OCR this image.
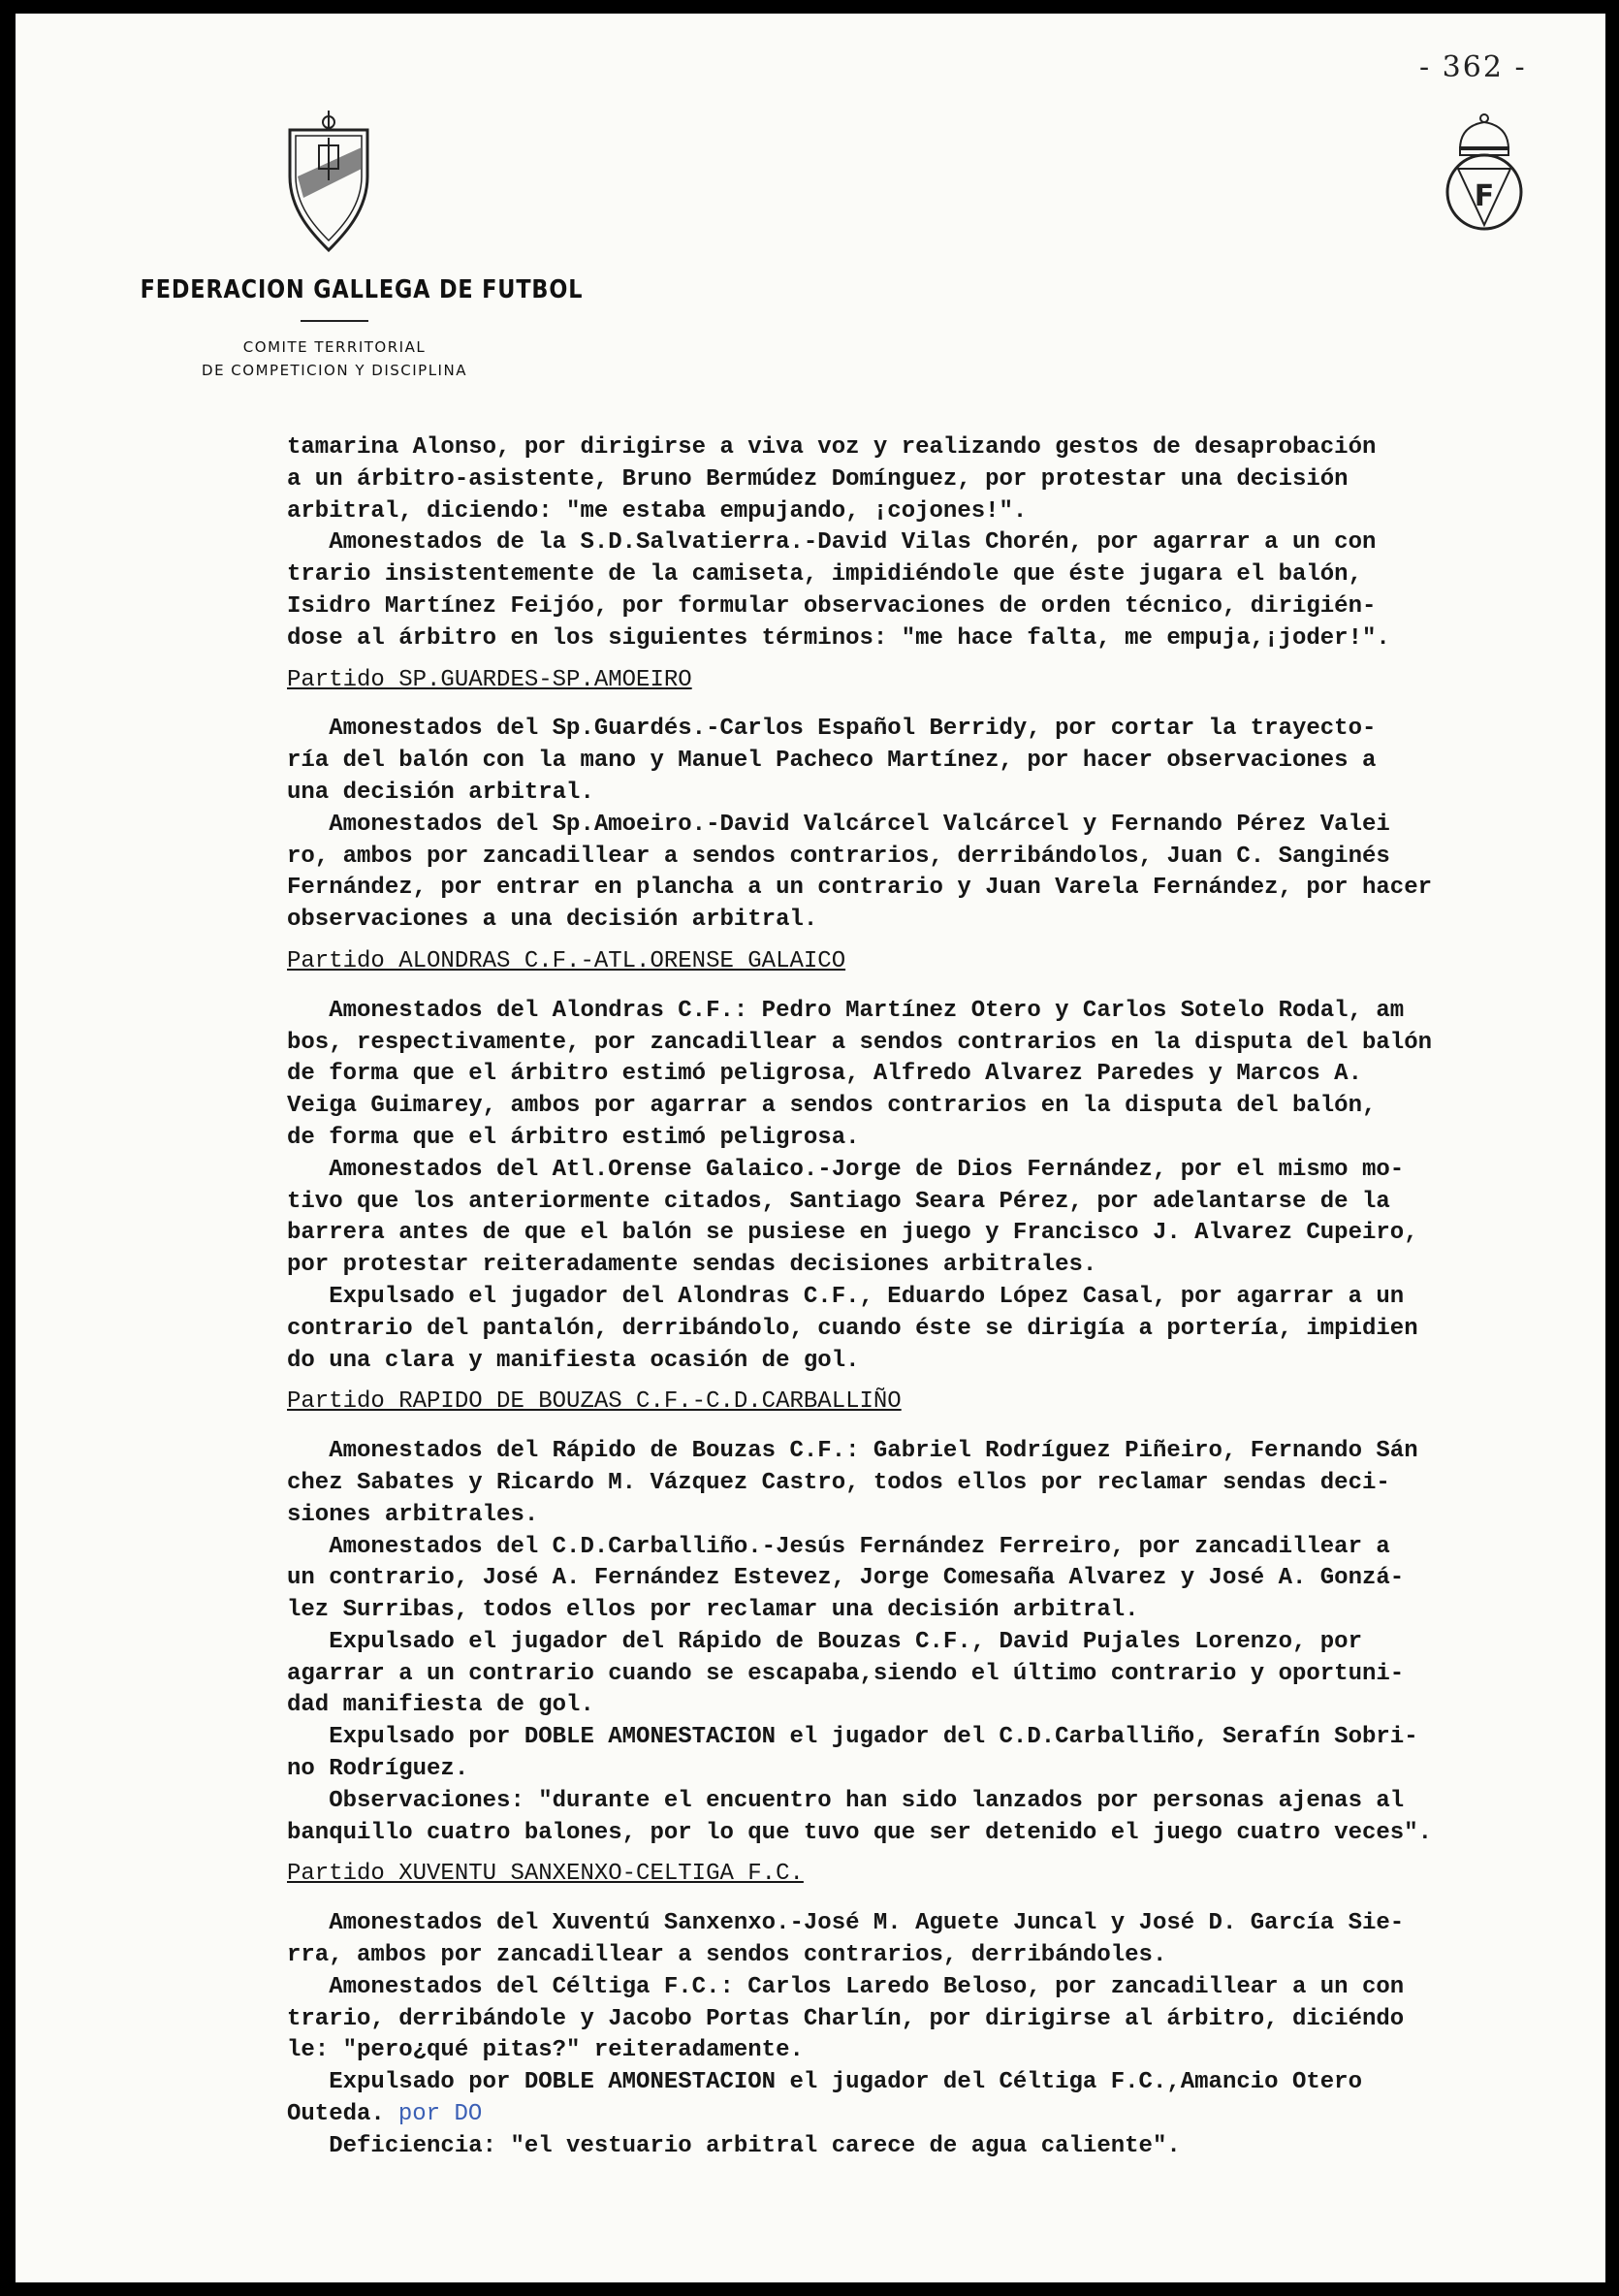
- 362 -
F
FEDERACION GALLEGA DE FUTBOL
COMITE TERRITORIAL
DE COMPETICION Y DISCIPLINA
tamarina Alonso, por dirigirse a viva voz y realizando gestos de desaprobación
a un árbitro-asistente, Bruno Bermúdez Domínguez, por protestar una decisión
arbitral, diciendo: "me estaba empujando, ¡cojones!".
Amonestados de la S.D.Salvatierra.-David Vilas Chorén, por agarrar a un con
trario insistentemente de la camiseta, impidiéndole que éste jugara el balón,
Isidro Martínez Feijóo, por formular observaciones de orden técnico, dirigién-
dose al árbitro en los siguientes términos: "me hace falta, me empuja,¡joder!".
Partido SP.GUARDES-SP.AMOEIRO
Amonestados del Sp.Guardés.-Carlos Español Berridy, por cortar la trayecto-
ría del balón con la mano y Manuel Pacheco Martínez, por hacer observaciones a
una decisión arbitral.
Amonestados del Sp.Amoeiro.-David Valcárcel Valcárcel y Fernando Pérez Valei
ro, ambos por zancadillear a sendos contrarios, derribándolos, Juan C. Sanginés
Fernández, por entrar en plancha a un contrario y Juan Varela Fernández, por hacer
observaciones a una decisión arbitral.
Partido ALONDRAS C.F.-ATL.ORENSE GALAICO
Amonestados del Alondras C.F.: Pedro Martínez Otero y Carlos Sotelo Rodal, am
bos, respectivamente, por zancadillear a sendos contrarios en la disputa del balón
de forma que el árbitro estimó peligrosa, Alfredo Alvarez Paredes y Marcos A.
Veiga Guimarey, ambos por agarrar a sendos contrarios en la disputa del balón,
de forma que el árbitro estimó peligrosa.
Amonestados del Atl.Orense Galaico.-Jorge de Dios Fernández, por el mismo mo-
tivo que los anteriormente citados, Santiago Seara Pérez, por adelantarse de la
barrera antes de que el balón se pusiese en juego y Francisco J. Alvarez Cupeiro,
por protestar reiteradamente sendas decisiones arbitrales.
Expulsado el jugador del Alondras C.F., Eduardo López Casal, por agarrar a un
contrario del pantalón, derribándolo, cuando éste se dirigía a portería, impidien
do una clara y manifiesta ocasión de gol.
Partido RAPIDO DE BOUZAS C.F.-C.D.CARBALLIÑO
Amonestados del Rápido de Bouzas C.F.: Gabriel Rodríguez Piñeiro, Fernando Sán
chez Sabates y Ricardo M. Vázquez Castro, todos ellos por reclamar sendas deci-
siones arbitrales.
Amonestados del C.D.Carballiño.-Jesús Fernández Ferreiro, por zancadillear a
un contrario, José A. Fernández Estevez, Jorge Comesaña Alvarez y José A. Gonzá-
lez Surribas, todos ellos por reclamar una decisión arbitral.
Expulsado el jugador del Rápido de Bouzas C.F., David Pujales Lorenzo, por
agarrar a un contrario cuando se escapaba,siendo el último contrario y oportuni-
dad manifiesta de gol.
Expulsado por DOBLE AMONESTACION el jugador del C.D.Carballiño, Serafín Sobri-
no Rodríguez.
Observaciones: "durante el encuentro han sido lanzados por personas ajenas al
banquillo cuatro balones, por lo que tuvo que ser detenido el juego cuatro veces".
Partido XUVENTU SANXENXO-CELTIGA F.C.
Amonestados del Xuventú Sanxenxo.-José M. Aguete Juncal y José D. García Sie-
rra, ambos por zancadillear a sendos contrarios, derribándoles.
Amonestados del Céltiga F.C.: Carlos Laredo Beloso, por zancadillear a un con
trario, derribándole y Jacobo Portas Charlín, por dirigirse al árbitro, diciéndo
le: "pero¿qué pitas?" reiteradamente.
Expulsado por DOBLE AMONESTACION el jugador del Céltiga F.C.,Amancio Otero
Outeda. por DO
Deficiencia: "el vestuario arbitral carece de agua caliente".
